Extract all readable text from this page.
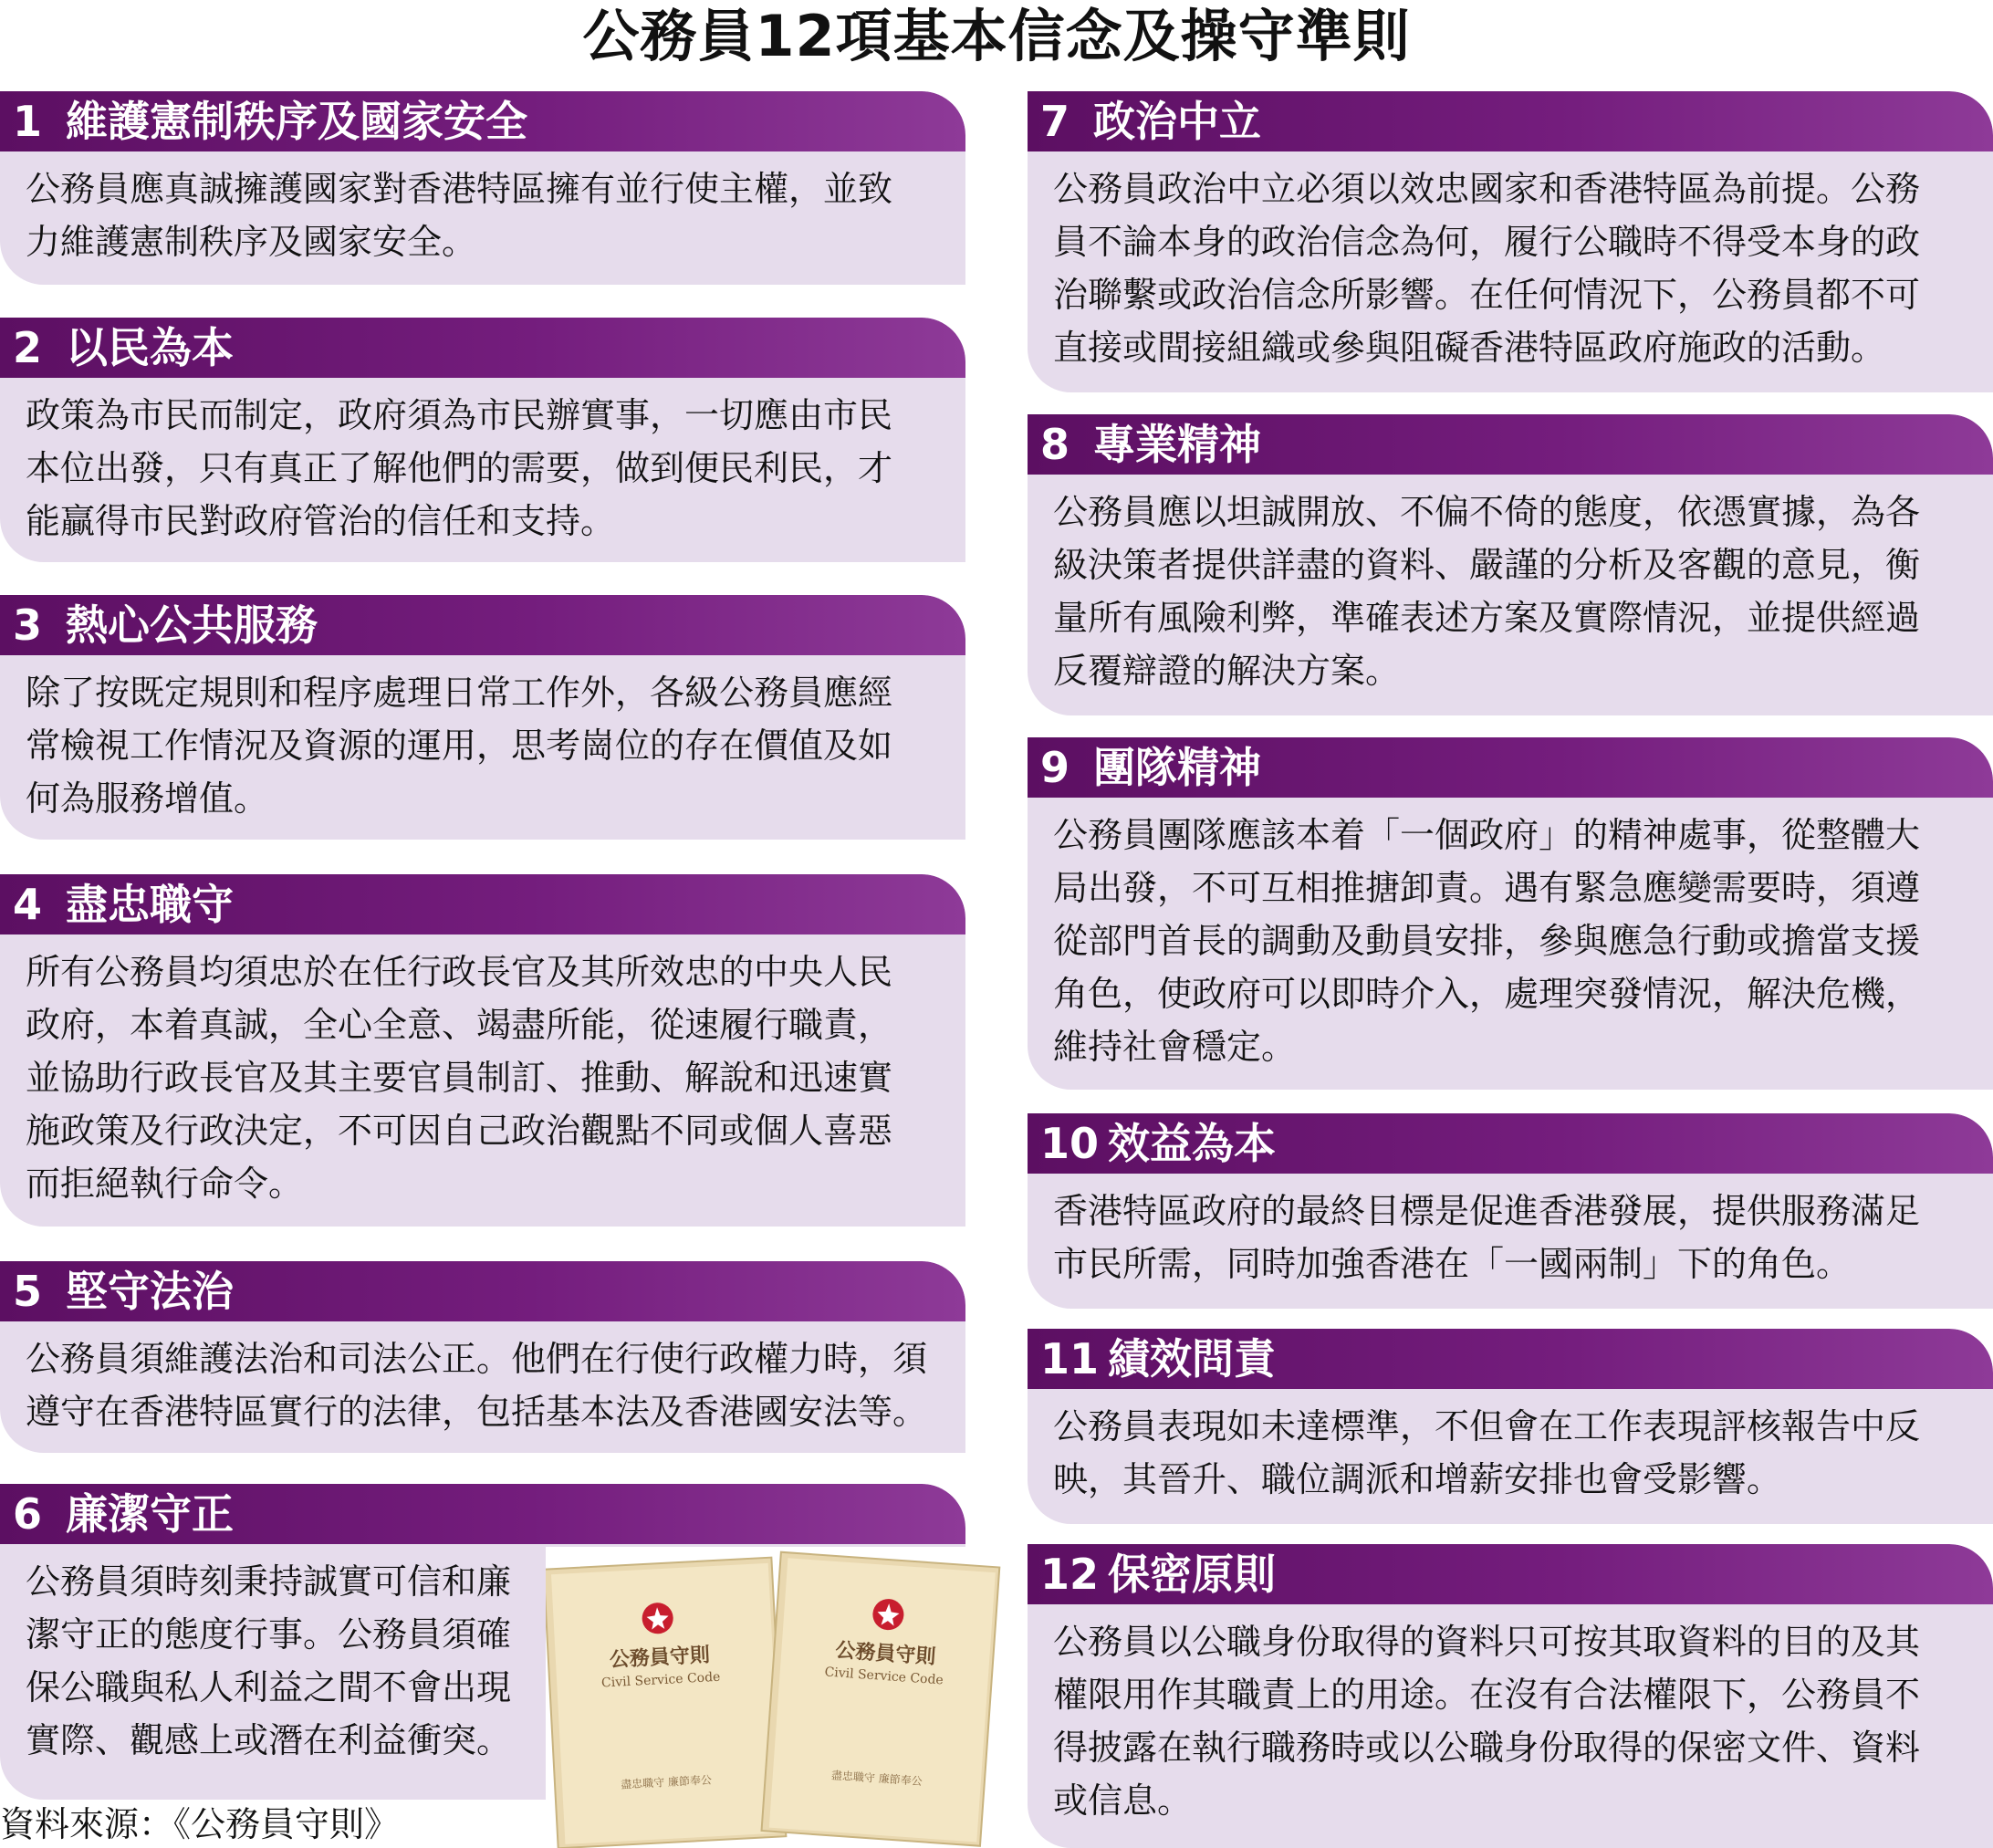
公務員12項基本信念及操守準則
1 維護憲制秩序及國家安全
公務員應真誠擁護國家對香港特區擁有並行使主權，並致
力維護憲制秩序及國家安全。
2 以民為本
政策為市民而制定，政府須為市民辦實事，一切應由市民
本位出發，只有真正了解他們的需要，做到便民利民，才
能贏得市民對政府管治的信任和支持。
3 熱心公共服務
除了按既定規則和程序處理日常工作外，各級公務員應經
常檢視工作情況及資源的運用，思考崗位的存在價值及如
何為服務增值。
4 盡忠職守
所有公務員均須忠於在任行政長官及其所效忠的中央人民
政府，本着真誠，全心全意、竭盡所能，從速履行職責，
並協助行政長官及其主要官員制訂、推動、解說和迅速實
施政策及行政決定，不可因自己政治觀點不同或個人喜惡
而拒絕執行命令。
5 堅守法治
公務員須維護法治和司法公正。他們在行使行政權力時，須
遵守在香港特區實行的法律，包括基本法及香港國安法等。
6 廉潔守正
公務員須時刻秉持誠實可信和廉
潔守正的態度行事。公務員須確
保公職與私人利益之間不會出現
實際、觀感上或潛在利益衝突。
7 政治中立
公務員政治中立必須以效忠國家和香港特區為前提。公務
員不論本身的政治信念為何，履行公職時不得受本身的政
治聯繫或政治信念所影響。在任何情況下，公務員都不可
直接或間接組織或參與阻礙香港特區政府施政的活動。
8 專業精神
公務員應以坦誠開放、不偏不倚的態度，依憑實據，為各
級決策者提供詳盡的資料、嚴謹的分析及客觀的意見，衡
量所有風險利弊，準確表述方案及實際情況，並提供經過
反覆辯證的解決方案。
9 團隊精神
公務員團隊應該本着「一個政府」的精神處事，從整體大
局出發，不可互相推搪卸責。遇有緊急應變需要時，須遵
從部門首長的調動及動員安排，參與應急行動或擔當支援
角色，使政府可以即時介入，處理突發情況，解決危機，
維持社會穩定。
10 效益為本
香港特區政府的最終目標是促進香港發展，提供服務滿足
市民所需，同時加強香港在「一國兩制」下的角色。
11 績效問責
公務員表現如未達標準，不但會在工作表現評核報告中反
映，其晉升、職位調派和增薪安排也會受影響。
12 保密原則
公務員以公職身份取得的資料只可按其取資料的目的及其
權限用作其職責上的用途。在沒有合法權限下，公務員不
得披露在執行職務時或以公職身份取得的保密文件、資料
或信息。
公務員守則
Civil Service Code
盡忠職守 廉節奉公
公務員守則
Civil Service Code
盡忠職守 廉節奉公
資料來源：《公務員守則》
